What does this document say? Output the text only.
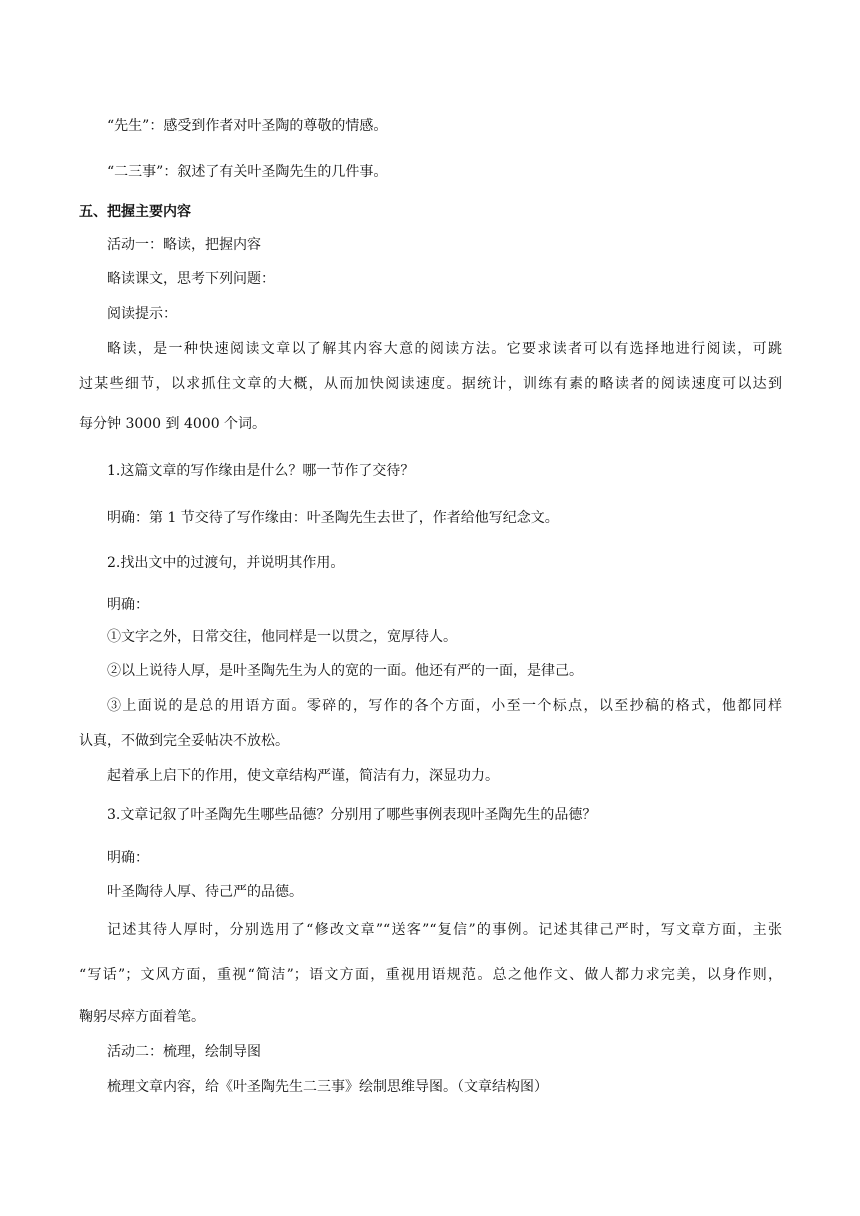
“先生”：感受到作者对叶圣陶的尊敬的情感。
“二三事”：叙述了有关叶圣陶先生的几件事。
五、把握主要内容
活动一：略读，把握内容
略读课文，思考下列问题：
阅读提示：
略读，是一种快速阅读文章以了解其内容大意的阅读方法。它要求读者可以有选择地进行阅读，可跳
过某些细节，以求抓住文章的大概，从而加快阅读速度。据统计，训练有素的略读者的阅读速度可以达到
每分钟 3000 到 4000 个词。
1.这篇文章的写作缘由是什么？哪一节作了交待？
明确：第 1 节交待了写作缘由：叶圣陶先生去世了，作者给他写纪念文。
2.找出文中的过渡句，并说明其作用。
明确：
①文字之外，日常交往，他同样是一以贯之，宽厚待人。
②以上说待人厚，是叶圣陶先生为人的宽的一面。他还有严的一面，是律己。
③上面说的是总的用语方面。零碎的，写作的各个方面，小至一个标点，以至抄稿的格式，他都同样
认真，不做到完全妥帖决不放松。
起着承上启下的作用，使文章结构严谨，简洁有力，深显功力。
3.文章记叙了叶圣陶先生哪些品德？分别用了哪些事例表现叶圣陶先生的品德？
明确：
叶圣陶待人厚、待己严的品德。
记述其待人厚时，分别选用了“修改文章”“送客”“复信”的事例。记述其律己严时，写文章方面，主张
“写话”；文风方面，重视“简洁”；语文方面，重视用语规范。总之他作文、做人都力求完美，以身作则，
鞠躬尽瘁方面着笔。
活动二：梳理，绘制导图
梳理文章内容，给《叶圣陶先生二三事》绘制思维导图。（文章结构图）
